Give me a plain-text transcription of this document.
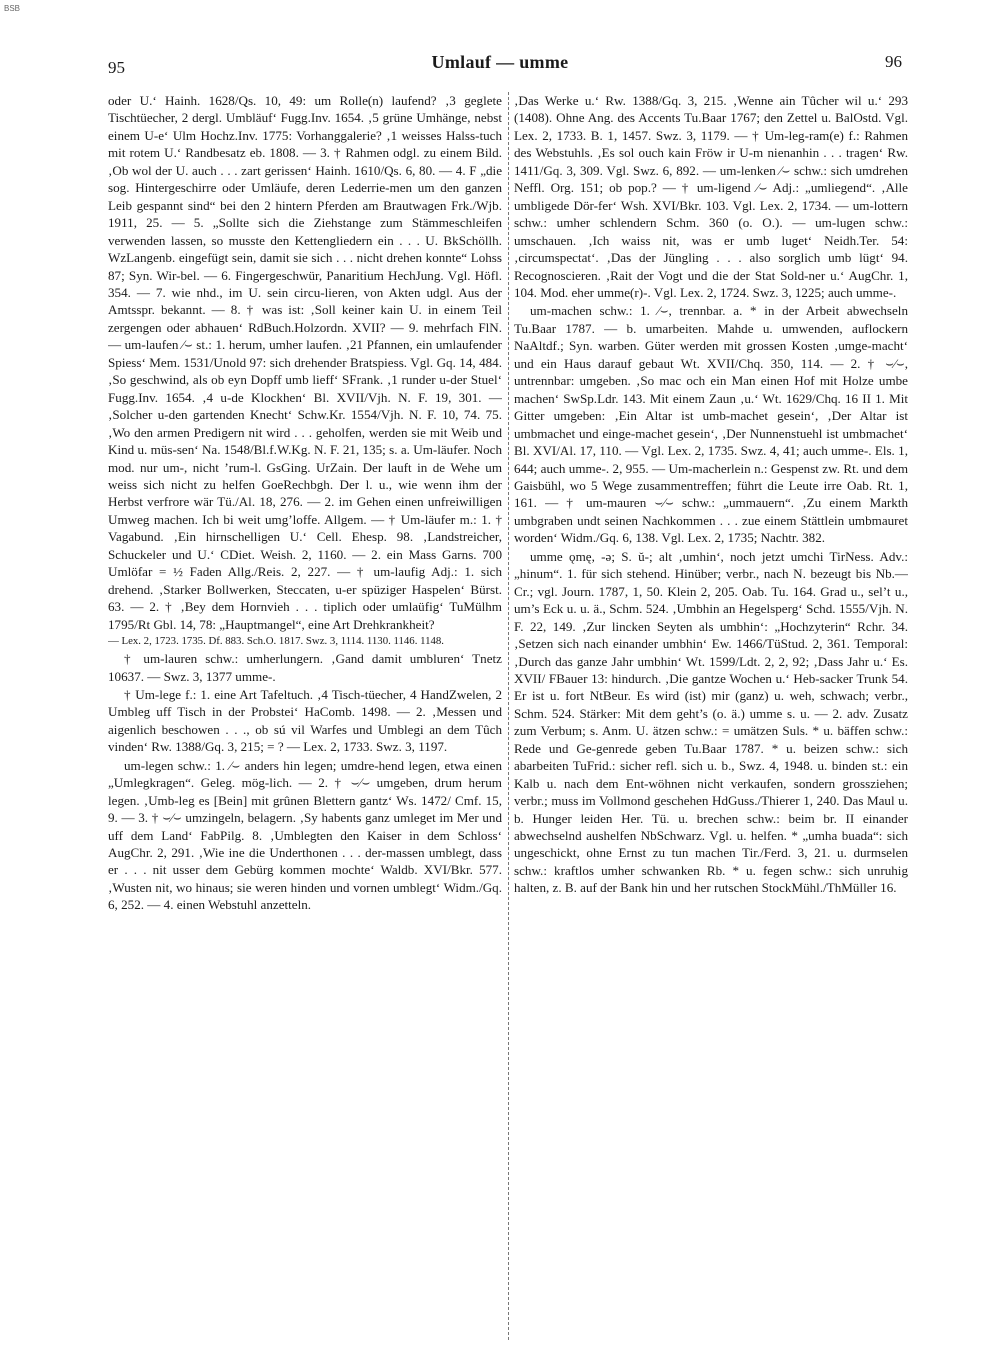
BSB
95	Umlauf — umme	96

oder U.‘ Hainh. 1628/Qs. 10, 49: um Rolle(n) laufend? ‚3 geglete Tischtüecher, 2 dergl. Umbläuf‘ Fugg.Inv. 1654. ‚5 grüne Umhänge, nebst einem U-e‘ Ulm Hochz.Inv. 1775: Vorhanggalerie? ‚1 weisses Halss-tuch mit rotem U.‘ Randbesatz eb. 1808. — 3. † Rahmen odgl. zu einem Bild. ‚Ob wol der U. auch . . . zart gerissen‘ Hainh. 1610/Qs. 6, 80. — 4. F „die sog. Hintergeschirre oder Umläufe, deren Lederrie-men um den ganzen Leib gespannt sind“ bei den 2 hintern Pferden am Brautwagen Frk./Wjb. 1911, 25. — 5. „Sollte sich die Ziehstange zum Stämmeschleifen verwenden lassen, so musste den Kettengliedern ein . . . U. BkSchöllh. WzLangenb. eingefügt sein, damit sie sich . . . nicht drehen konnte“ Lohss 87; Syn. Wir-bel. — 6. Fingergeschwür, Panaritium HechJung. Vgl. Höfl. 354. — 7. wie nhd., im U. sein circu-lieren, von Akten udgl. Aus der Amtsspr. bekannt. — 8. † was ist: ‚Soll keiner kain U. in einem Teil zergengen oder abhauen‘ RdBuch.Holzordn. XVII? — 9. mehrfach FlN. — um-laufen ⁄⌣ st.: 1. herum, umher laufen. ‚21 Pfannen, ein umlaufender Spiess‘ Mem. 1531/Unold 97: sich drehender Bratspiess. Vgl. Gq. 14, 484. ‚So geschwind, als ob eyn Dopff umb lieff‘ SFrank. ‚1 runder u-der Stuel‘ Fugg.Inv. 1654. ‚4 u-de Klockhen‘ Bl. XVII/Vjh. N. F. 19, 301. — ‚Solcher u-den gartenden Knecht‘ Schw.Kr. 1554/Vjh. N. F. 10, 74. 75. ‚Wo den armen Predigern nit wird . . . geholfen, werden sie mit Weib und Kind u. müs-sen‘ Na. 1548/Bl.f.W.Kg. N. F. 21, 135; s. a. Um-läufer. Noch mod. nur um-, nicht ’rum-l. GsGing. UrZain. Der lauft in de Wehe um weiss sich nicht zu helfen GoeRechbgh. Der l. u., wie wenn ihm der Herbst verfrore wär Tü./Al. 18, 276. — 2. im Gehen einen unfreiwilligen Umweg machen. Ich bi weit umg’loffe. Allgem. — † Um-läufer m.: 1. † Vagabund. ‚Ein hirnschelligen U.‘ Cell. Ehesp. 98. ‚Landstreicher, Schuckeler und U.‘ CDiet. Weish. 2, 1160. — 2. ein Mass Garns. 700 Umlöfar = ½ Faden Allg./Reis. 2, 227. — † um-laufig Adj.: 1. sich drehend. ‚Starker Bollwerken, Steccaten, u-er spüziger Haspelen‘ Bürst. 63. — 2. † ‚Bey dem Hornvieh . . . tiplich oder umlaüfig‘ TuMülhm 1795/Rt Gbl. 14, 78: „Hauptmangel“, eine Art Drehkrankheit?

— Lex. 2, 1723. 1735. Df. 883. Sch.O. 1817. Swz. 3, 1114. 1130. 1146. 1148.

† um-lauren schw.: umherlungern. ‚Gand damit umbluren‘ Tnetz 10637. — Swz. 3, 1377 umme-.

† Um-lege f.: 1. eine Art Tafeltuch. ‚4 Tisch-tüecher, 4 HandZwelen, 2 Umbleg uff Tisch in der Probstei‘ HaComb. 1498. — 2. ‚Messen und aigenlich beschowen . . ., ob sú vil Warfes und Umblegi an dem Tûch vinden‘ Rw. 1388/Gq. 3, 215; = ? — Lex. 2, 1733. Swz. 3, 1197.

um-legen schw.: 1. ⁄⌣ anders hin legen; umdre-hend legen, etwa einen „Umlegkragen“. Geleg. mög-lich. — 2. † ⌣⁄⌣ umgeben, drum herum legen. ‚Umb-leg es [Bein] mit grûnen Blettern gantz‘ Ws. 1472/ Cmf. 15, 9. — 3. † ⌣⁄⌣ umzingeln, belagern. ‚Sy habents ganz umleget im Mer und uff dem Land‘ FabPilg. 8. ‚Umblegten den Kaiser in dem Schloss‘ AugChr. 2, 291. ‚Wie ine die Underthonen . . . der-massen umblegt, dass er . . . nit usser dem Gebürg kommen mochte‘ Waldb. XVI/Bkr. 577. ‚Wusten nit, wo hinaus; sie weren hinden und vornen umblegt‘ Widm./Gq. 6, 252. — 4. einen Webstuhl anzetteln.

‚Das Werke u.‘ Rw. 1388/Gq. 3, 215. ‚Wenne ain Tûcher wil u.‘ 293 (1408). Ohne Ang. des Accents Tu.Baar 1767; den Zettel u. BalOstd. Vgl. Lex. 2, 1733. B. 1, 1457. Swz. 3, 1179. — † Um-leg-ram(e) f.: Rahmen des Webstuhls. ‚Es sol ouch kain Fröw ir U-m nienanhin . . . tragen‘ Rw. 1411/Gq. 3, 309. Vgl. Swz. 6, 892. — um-lenken ⁄⌣ schw.: sich umdrehen Neffl. Org. 151; ob pop.? — † um-ligend ⁄⌣ Adj.: „umliegend“. ‚Alle umbligede Dör-fer‘ Wsh. XVI/Bkr. 103. Vgl. Lex. 2, 1734. — um-lottern schw.: umher schlendern Schm. 360 (o. O.). — um-lugen schw.: umschauen. ‚Ich waiss nit, was er umb luget‘ Neidh.Ter. 54: ‚circumspectat‘. ‚Das der Jüngling . . . also sorglich umb lügt‘ 94. Recognoscieren. ‚Rait der Vogt und die der Stat Sold-ner u.‘ AugChr. 1, 104. Mod. eher umme(r)-. Vgl. Lex. 2, 1724. Swz. 3, 1225; auch umme-.

um-machen schw.: 1. ⁄⌣, trennbar. a. * in der Arbeit abwechseln Tu.Baar 1787. — b. umarbeiten. Mahde u. umwenden, auflockern NaAltdf.; Syn. warben. Güter werden mit grossen Kosten ‚umge-macht‘ und ein Haus darauf gebaut Wt. XVII/Chq. 350, 114. — 2. † ⌣⁄⌣, untrennbar: umgeben. ‚So mac och ein Man einen Hof mit Holze umbe machen‘ SwSp.Ldr. 143. Mit einem Zaun ‚u.‘ Wt. 1629/Chq. 16 II 1. Mit Gitter umgeben: ‚Ein Altar ist umb-machet gesein‘, ‚Der Altar ist umbmachet und einge-machet gesein‘, ‚Der Nunnenstuehl ist umbmachet‘ Bl. XVI/Al. 17, 110. — Vgl. Lex. 2, 1735. Swz. 4, 41; auch umme-. Els. 1, 644; auch umme-. 2, 955. — Um-macherlein n.: Gespenst zw. Rt. und dem Gaisbühl, wo 5 Wege zusammentreffen; führt die Leute irre Oab. Rt. 1, 161. — † um-mauren ⌣⁄⌣ schw.: „ummauern“. ‚Zu einem Markth umbgraben undt seinen Nachkommen . . . zue einem Stättlein umbmauret worden‘ Widm./Gq. 6, 138. Vgl. Lex. 2, 1735; Nachtr. 382.

umme ǫmę, -ə; S. ŭ-; alt ‚umhin‘, noch jetzt umchi TirNess. Adv.: „hinum“. 1. für sich stehend. Hinüber; verbr., nach N. bezeugt bis Nb.—Cr.; vgl. Journ. 1787, 1, 50. Klein 2, 205. Oab. Tu. 164. Grad u., sel’t u., um’s Eck u. u. ä., Schm. 524. ‚Umbhin an Hegelsperg‘ Schd. 1555/Vjh. N. F. 22, 149. ‚Zur lincken Seyten als umbhin‘: „Hochzyterin“ Rchr. 34. ‚Setzen sich nach einander umbhin‘ Ew. 1466/TüStud. 2, 361. Temporal: ‚Durch das ganze Jahr umbhin‘ Wt. 1599/Ldt. 2, 2, 92; ‚Dass Jahr u.‘ Es. XVII/ FBauer 13: hindurch. ‚Die gantze Wochen u.‘ Heb-sacker Trunk 54. Er ist u. fort NtBeur. Es wird (ist) mir (ganz) u. weh, schwach; verbr., Schm. 524. Stärker: Mit dem geht’s (o. ä.) umme s. u. — 2. adv. Zusatz zum Verbum; s. Anm. U. ätzen schw.: = umätzen Suls. * u. bäffen schw.: Rede und Ge-genrede geben Tu.Baar 1787. * u. beizen schw.: sich abarbeiten TuFrid.: sicher refl. sich u. b., Swz. 4, 1948. u. binden st.: ein Kalb u. nach dem Ent-wöhnen nicht verkaufen, sondern grossziehen; verbr.; muss im Vollmond geschehen HdGuss./Thierer 1, 240. Das Maul u. b. Hunger leiden Her. Tü. u. brechen schw.: beim br. II einander abwechselnd aushelfen NbSchwarz. Vgl. u. helfen. * „umha buada“: sich ungeschickt, ohne Ernst zu tun machen Tir./Ferd. 3, 21. u. durmselen schw.: kraftlos umher schwanken Rb. * u. fegen schw.: sich unruhig halten, z. B. auf der Bank hin und her rutschen StockMühl./ThMüller 16.
